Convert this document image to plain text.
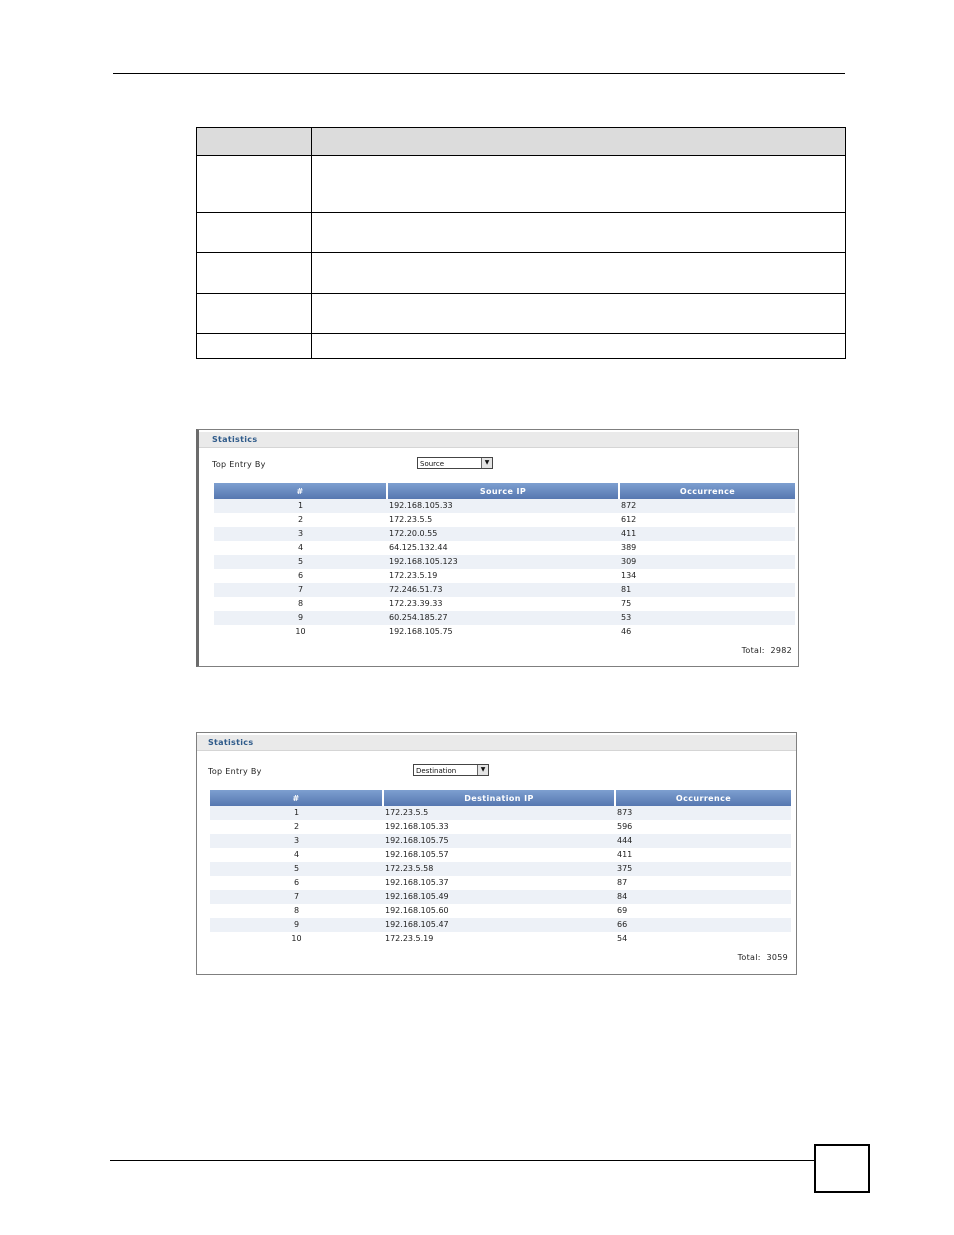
Statistics
Top Entry By	Source	▼
#	Source IP	Occurrence
1	192.168.105.33	872
2	172.23.5.5	612
3	172.20.0.55	411
4	64.125.132.44	389
5	192.168.105.123	309
6	172.23.5.19	134
7	72.246.51.73	81
8	172.23.39.33	75
9	60.254.185.27	53
10	192.168.105.75	46
Total: 2982
Statistics
Top Entry By	Destination	▼
#	Destination IP	Occurrence
1	172.23.5.5	873
2	192.168.105.33	596
3	192.168.105.75	444
4	192.168.105.57	411
5	172.23.5.58	375
6	192.168.105.37	87
7	192.168.105.49	84
8	192.168.105.60	69
9	192.168.105.47	66
10	172.23.5.19	54
Total: 3059
